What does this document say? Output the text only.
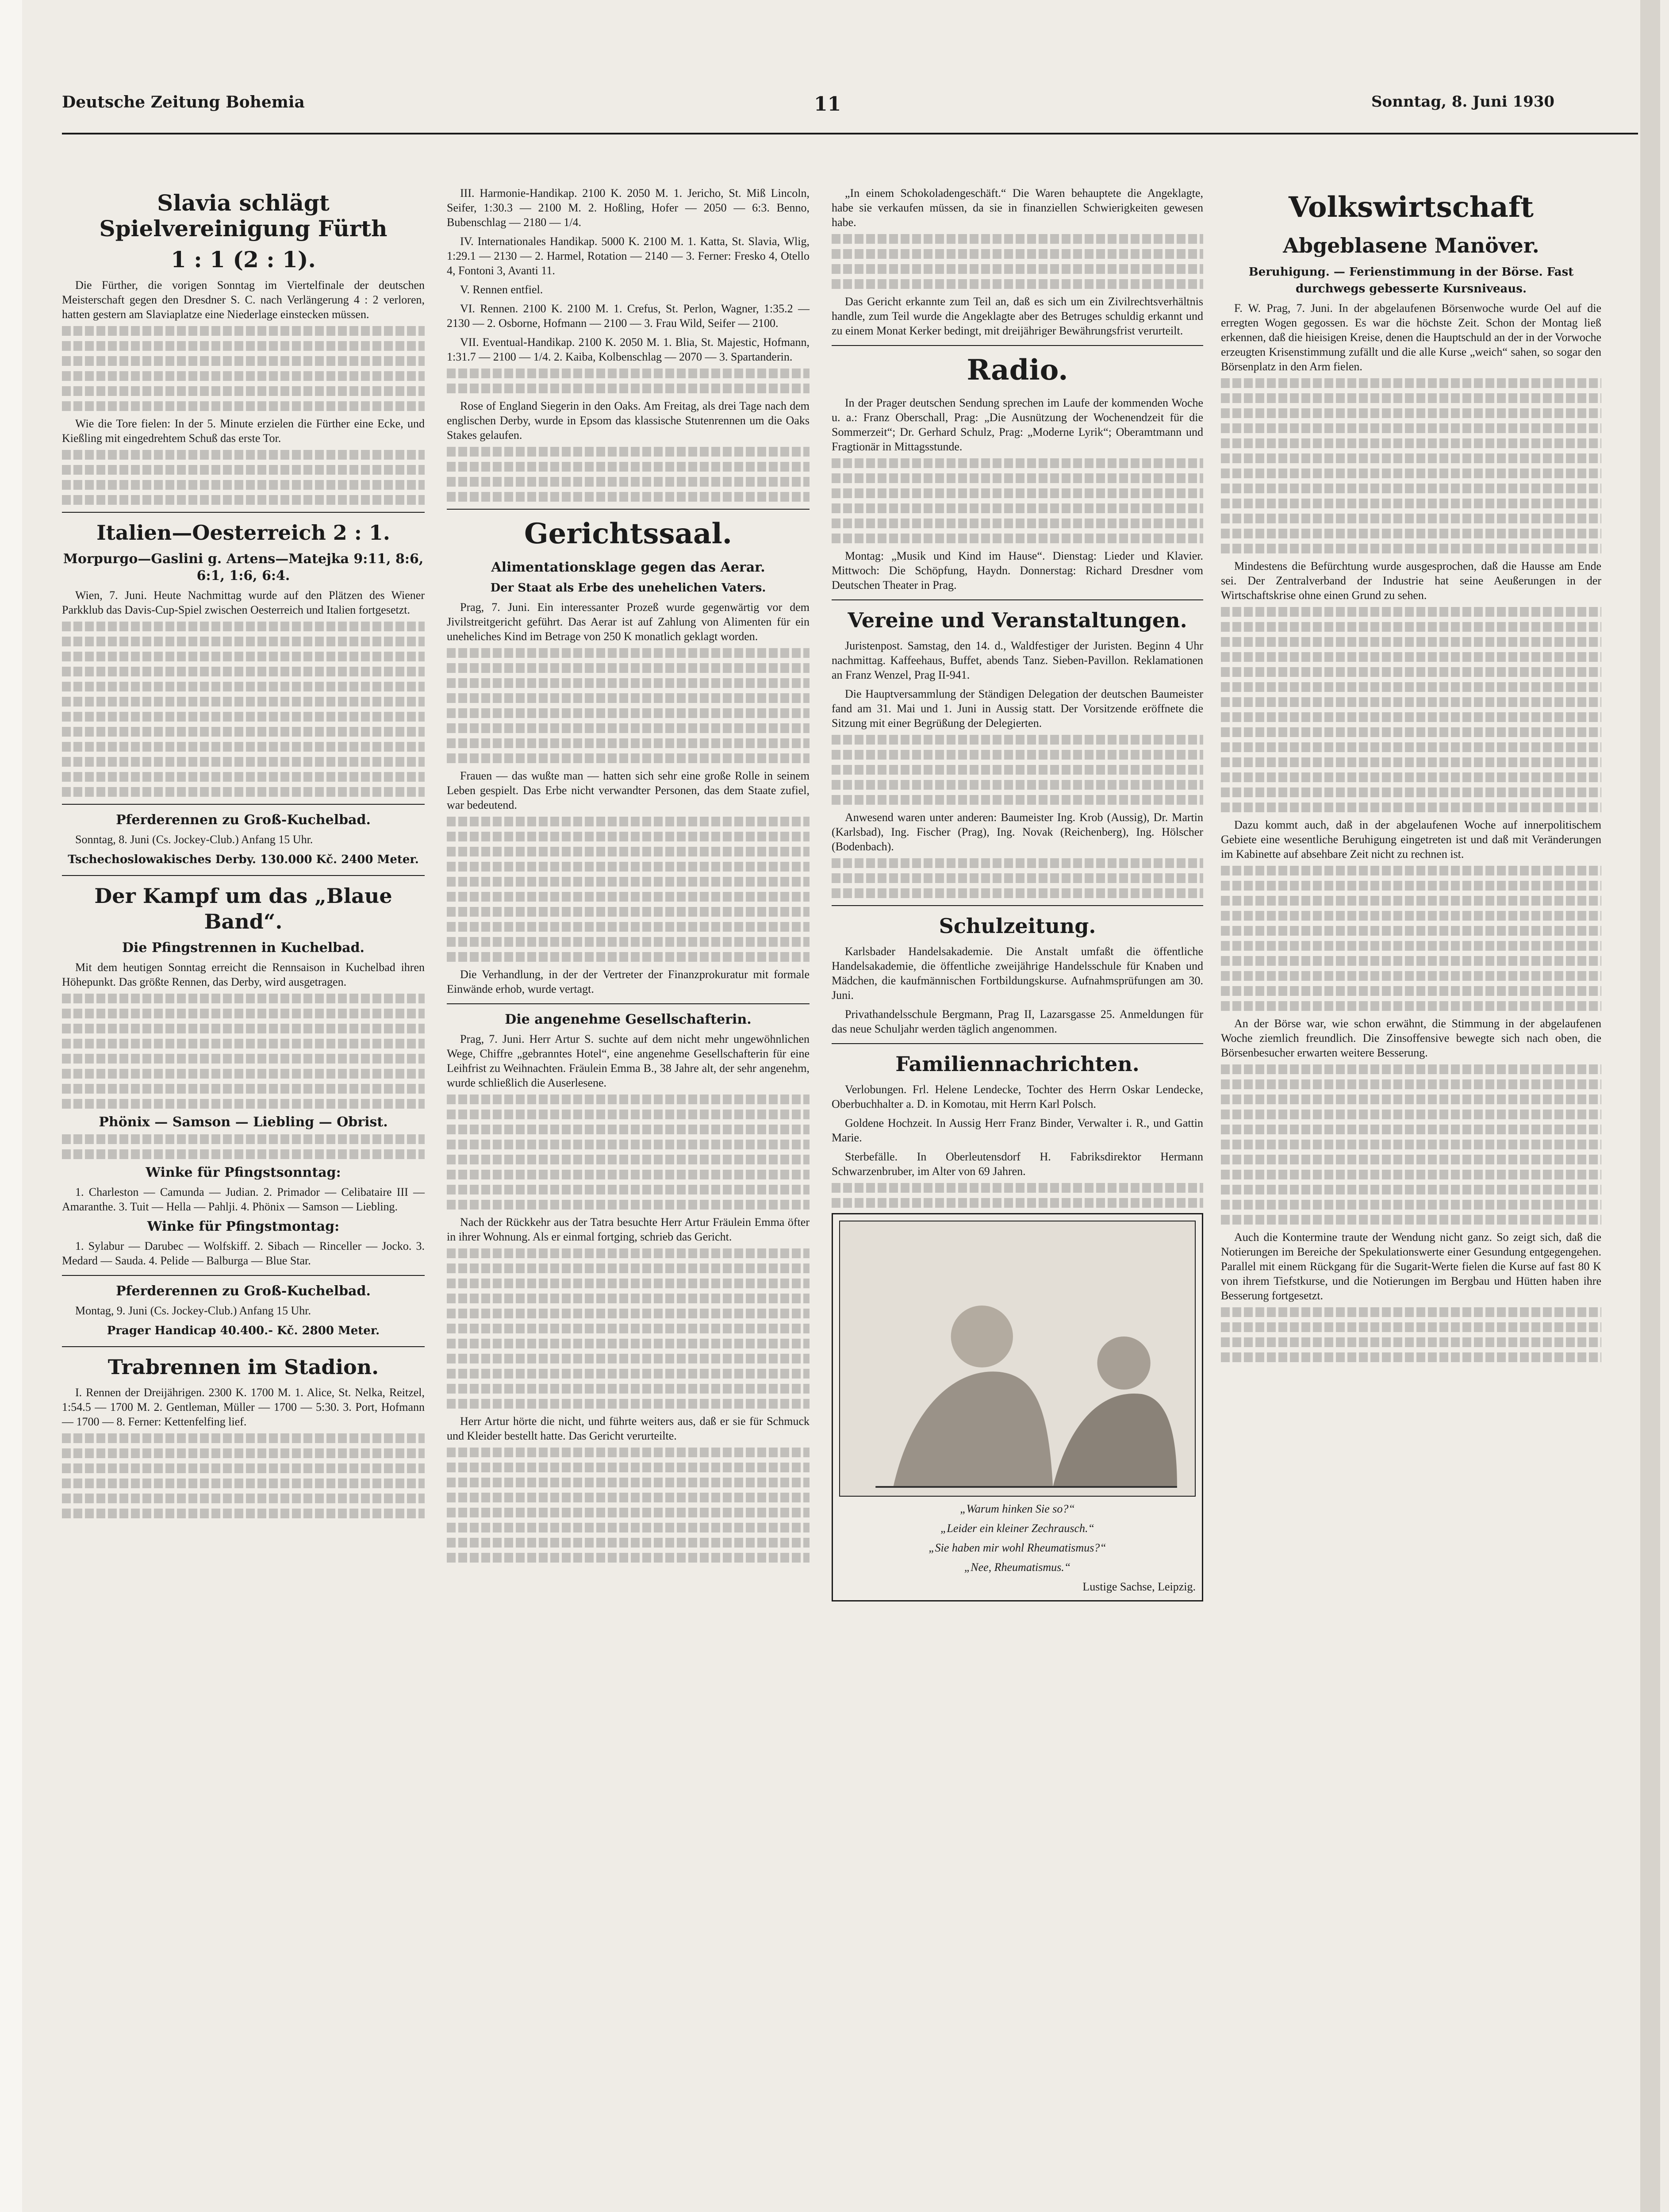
Deutsche Zeitung Bohemia	11	Sonntag, 8. Juni 1930
Slavia schlägt Spielvereinigung Fürth
1 : 1 (2 : 1).

Die Fürther, die vorigen Sonntag im Viertelfinale der deutschen Meisterschaft gegen den Dresdner S. C. nach Verlängerung 4 : 2 verloren, hatten gestern am Slaviaplatze eine Niederlage einstecken müssen.

Wie die Tore fielen: In der 5. Minute erzielen die Fürther eine Ecke, und Kießling mit eingedrehtem Schuß das erste Tor.

Italien—Oesterreich 2 : 1.
Morpurgo—Gaslini g. Artens—Matejka 9:11, 8:6, 6:1, 1:6, 6:4.

Wien, 7. Juni. Heute Nachmittag wurde auf den Plätzen des Wiener Parkklub das Davis-Cup-Spiel zwischen Oesterreich und Italien fortgesetzt.

Pferderennen zu Groß-Kuchelbad.

Sonntag, 8. Juni (Cs. Jockey-Club.) Anfang 15 Uhr.

Tschechoslowakisches Derby. 130.000 Kč. 2400 Meter.
Der Kampf um das „Blaue Band“.
Die Pfingstrennen in Kuchelbad.

Mit dem heutigen Sonntag erreicht die Rennsaison in Kuchelbad ihren Höhepunkt. Das größte Rennen, das Derby, wird ausgetragen.

Phönix — Samson — Liebling — Obrist.
Winke für Pfingstsonntag:

1. Charleston — Camunda — Judian. 2. Primador — Celibataire III — Amaranthe. 3. Tuit — Hella — Pahlji. 4. Phönix — Samson — Liebling.

Winke für Pfingstmontag:

1. Sylabur — Darubec — Wolfskiff. 2. Sibach — Rinceller — Jocko. 3. Medard — Sauda. 4. Pelide — Balburga — Blue Star.

Pferderennen zu Groß-Kuchelbad.

Montag, 9. Juni (Cs. Jockey-Club.) Anfang 15 Uhr.

Prager Handicap 40.400.- Kč. 2800 Meter.
Trabrennen im Stadion.

I. Rennen der Dreijährigen. 2300 K. 1700 M. 1. Alice, St. Nelka, Reitzel, 1:54.5 — 1700 M. 2. Gentleman, Müller — 1700 — 5:30. 3. Port, Hofmann — 1700 — 8. Ferner: Kettenfelfing lief.

III. Harmonie-Handikap. 2100 K. 2050 M. 1. Jericho, St. Miß Lincoln, Seifer, 1:30.3 — 2100 M. 2. Hoßling, Hofer — 2050 — 6:3. Benno, Bubenschlag — 2180 — 1/4.

IV. Internationales Handikap. 5000 K. 2100 M. 1. Katta, St. Slavia, Wlig, 1:29.1 — 2130 — 2. Harmel, Rotation — 2140 — 3. Ferner: Fresko 4, Otello 4, Fontoni 3, Avanti 11.

V. Rennen entfiel.

VI. Rennen. 2100 K. 2100 M. 1. Crefus, St. Perlon, Wagner, 1:35.2 — 2130 — 2. Osborne, Hofmann — 2100 — 3. Frau Wild, Seifer — 2100.

VII. Eventual-Handikap. 2100 K. 2050 M. 1. Blia, St. Majestic, Hofmann, 1:31.7 — 2100 — 1/4. 2. Kaiba, Kolbenschlag — 2070 — 3. Spartanderin.

Rose of England Siegerin in den Oaks. Am Freitag, als drei Tage nach dem englischen Derby, wurde in Epsom das klassische Stutenrennen um die Oaks Stakes gelaufen.

Gerichtssaal.
Alimentationsklage gegen das Aerar.
Der Staat als Erbe des unehelichen Vaters.

Prag, 7. Juni. Ein interessanter Prozeß wurde gegenwärtig vor dem Jivilstreitgericht geführt. Das Aerar ist auf Zahlung von Alimenten für ein uneheliches Kind im Betrage von 250 K monatlich geklagt worden.

Frauen — das wußte man — hatten sich sehr eine große Rolle in seinem Leben gespielt. Das Erbe nicht verwandter Personen, das dem Staate zufiel, war bedeutend.

Die Verhandlung, in der der Vertreter der Finanzprokuratur mit formale Einwände erhob, wurde vertagt.

Die angenehme Gesellschafterin.

Prag, 7. Juni. Herr Artur S. suchte auf dem nicht mehr ungewöhnlichen Wege, Chiffre „gebranntes Hotel“, eine angenehme Gesellschafterin für eine Leihfrist zu Weihnachten. Fräulein Emma B., 38 Jahre alt, der sehr angenehm, wurde schließlich die Auserlesene.

Nach der Rückkehr aus der Tatra besuchte Herr Artur Fräulein Emma öfter in ihrer Wohnung. Als er einmal fortging, schrieb das Gericht.

Herr Artur hörte die nicht, und führte weiters aus, daß er sie für Schmuck und Kleider bestellt hatte. Das Gericht verurteilte.

„In einem Schokoladengeschäft.“ Die Waren behauptete die Angeklagte, habe sie verkaufen müssen, da sie in finanziellen Schwierigkeiten gewesen habe.

Das Gericht erkannte zum Teil an, daß es sich um ein Zivilrechtsverhältnis handle, zum Teil wurde die Angeklagte aber des Betruges schuldig erkannt und zu einem Monat Kerker bedingt, mit dreijähriger Bewährungsfrist verurteilt.

Radio.

In der Prager deutschen Sendung sprechen im Laufe der kommenden Woche u. a.: Franz Oberschall, Prag: „Die Ausnützung der Wochenendzeit für die Sommerzeit“; Dr. Gerhard Schulz, Prag: „Moderne Lyrik“; Oberamtmann und Fragtionär in Mittagsstunde.

Montag: „Musik und Kind im Hause“. Dienstag: Lieder und Klavier. Mittwoch: Die Schöpfung, Haydn. Donnerstag: Richard Dresdner vom Deutschen Theater in Prag.

Vereine und Veranstaltungen.

Juristenpost. Samstag, den 14. d., Waldfestiger der Juristen. Beginn 4 Uhr nachmittag. Kaffeehaus, Buffet, abends Tanz. Sieben-Pavillon. Reklamationen an Franz Wenzel, Prag II-941.

Die Hauptversammlung der Ständigen Delegation der deutschen Baumeister fand am 31. Mai und 1. Juni in Aussig statt. Der Vorsitzende eröffnete die Sitzung mit einer Begrüßung der Delegierten.

Anwesend waren unter anderen: Baumeister Ing. Krob (Aussig), Dr. Martin (Karlsbad), Ing. Fischer (Prag), Ing. Novak (Reichenberg), Ing. Hölscher (Bodenbach).

Schulzeitung.

Karlsbader Handelsakademie. Die Anstalt umfaßt die öffentliche Handelsakademie, die öffentliche zweijährige Handelsschule für Knaben und Mädchen, die kaufmännischen Fortbildungskurse. Aufnahmsprüfungen am 30. Juni.

Privathandelsschule Bergmann, Prag II, Lazarsgasse 25. Anmeldungen für das neue Schuljahr werden täglich angenommen.

Familiennachrichten.

Verlobungen. Frl. Helene Lendecke, Tochter des Herrn Oskar Lendecke, Oberbuchhalter a. D. in Komotau, mit Herrn Karl Polsch.

Goldene Hochzeit. In Aussig Herr Franz Binder, Verwalter i. R., und Gattin Marie.

Sterbefälle. In Oberleutensdorf H. Fabriksdirektor Hermann Schwarzenbruber, im Alter von 69 Jahren.

„Warum hinken Sie so?“
„Leider ein kleiner Zechrausch.“
„Sie haben mir wohl Rheumatismus?“
„Nee, Rheumatismus.“
Lustige Sachse, Leipzig.
Volkswirtschaft
Abgeblasene Manöver.
Beruhigung. — Ferienstimmung in der Börse. Fast durchwegs gebesserte Kursniveaus.

F. W. Prag, 7. Juni. In der abgelaufenen Börsenwoche wurde Oel auf die erregten Wogen gegossen. Es war die höchste Zeit. Schon der Montag ließ erkennen, daß die hieisigen Kreise, denen die Hauptschuld an der in der Vorwoche erzeugten Krisenstimmung zufällt und die alle Kurse „weich“ sahen, so sogar den Börsenplatz in den Arm fielen.

Mindestens die Befürchtung wurde ausgesprochen, daß die Hausse am Ende sei. Der Zentralverband der Industrie hat seine Aeußerungen in der Wirtschaftskrise ohne einen Grund zu sehen.

Dazu kommt auch, daß in der abgelaufenen Woche auf innerpolitischem Gebiete eine wesentliche Beruhigung eingetreten ist und daß mit Veränderungen im Kabinette auf absehbare Zeit nicht zu rechnen ist.

An der Börse war, wie schon erwähnt, die Stimmung in der abgelaufenen Woche ziemlich freundlich. Die Zinsoffensive bewegte sich nach oben, die Börsenbesucher erwarten weitere Besserung.

Auch die Kontermine traute der Wendung nicht ganz. So zeigt sich, daß die Notierungen im Bereiche der Spekulationswerte einer Gesundung entgegengehen. Parallel mit einem Rückgang für die Sugarit-Werte fielen die Kurse auf fast 80 K von ihrem Tiefstkurse, und die Notierungen im Bergbau und Hütten haben ihre Besserung fortgesetzt.
